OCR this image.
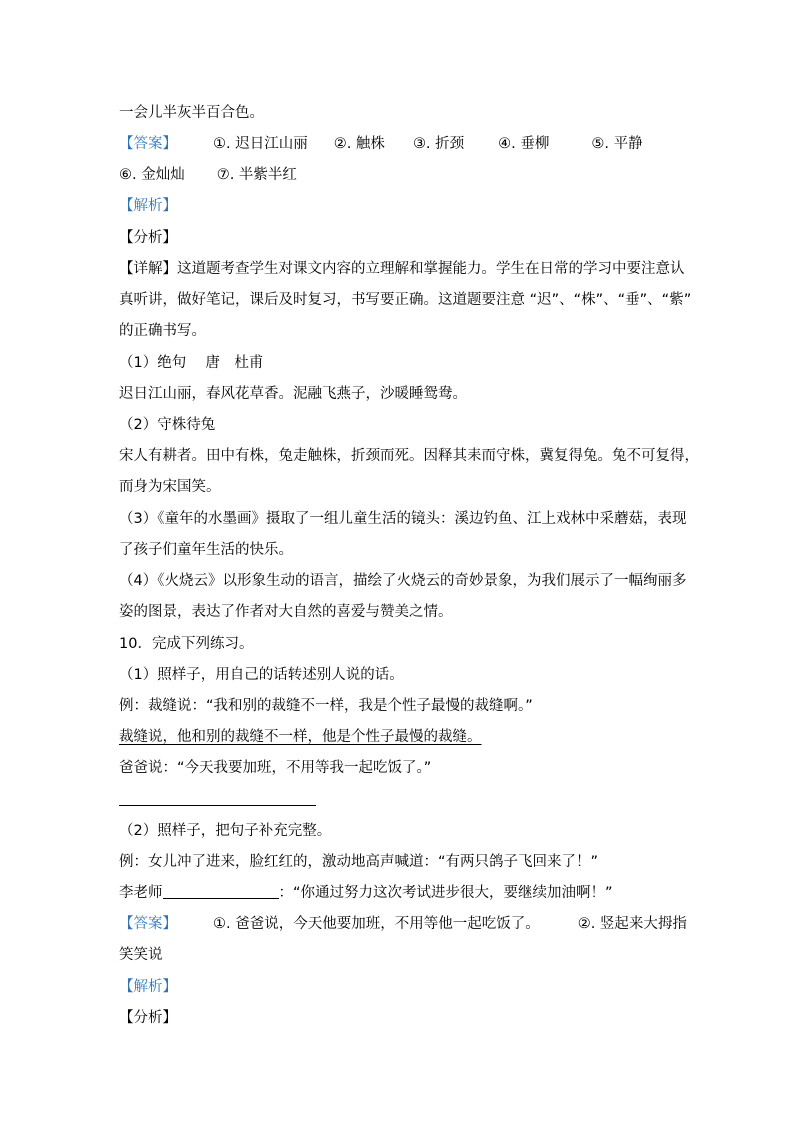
一会儿半灰半百合色。
【答案】 ①. 迟日江山丽 ②. 触株 ③. 折颈 ④. 垂柳	⑤. 平静
⑥. 金灿灿 ⑦. 半紫半红
【解析】
【分析】
【详解】这道题考查学生对课文内容的立理解和掌握能力。学生在日常的学习中要注意认
真听讲，做好笔记，课后及时复习，书写要正确。这道题要注意 “迟”、“株”、“垂”、“紫”
的正确书写。
（1）绝句　 唐　杜甫
迟日江山丽，春风花草香。泥融飞燕子，沙暖睡鸳鸯。
（2）守株待兔
宋人有耕者。田中有株，兔走触株，折颈而死。因释其耒而守株，冀复得兔。兔不可复得，
而身为宋国笑。
（3）《童年的水墨画》摄取了一组儿童生活的镜头：溪边钓鱼、江上戏林中采蘑菇，表现
了孩子们童年生活的快乐。
（4）《火烧云》以形象生动的语言，描绘了火烧云的奇妙景象，为我们展示了一幅绚丽多
姿的图景，表达了作者对大自然的喜爱与赞美之情。
10．完成下列练习。
（1）照样子，用自己的话转述别人说的话。
例：裁缝说：“我和别的裁缝不一样，我是个性子最慢的裁缝啊。”
裁缝说，他和别的裁缝不一样，他是个性子最慢的裁缝。
爸爸说：“今天我要加班，不用等我一起吃饭了。”
（2）照样子，把句子补充完整。
例：女儿冲了进来，脸红红的，激动地高声喊道：“有两只鸽子飞回来了！”
李老师	：“你通过努力这次考试进步很大，要继续加油啊！”
【答案】 ①. 爸爸说，今天他要加班，不用等他一起吃饭了。	②. 竖起来大拇指
笑笑说
【解析】
【分析】
